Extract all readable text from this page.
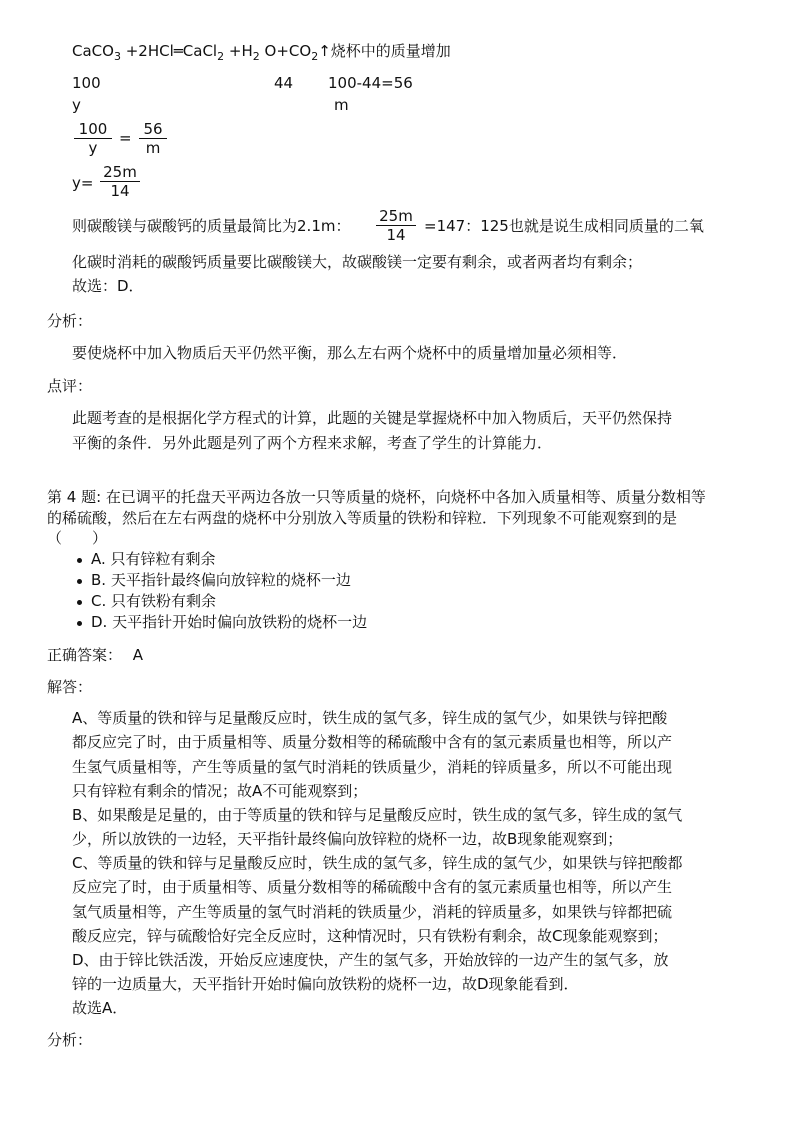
CaCO$_3$ +2HCl═CaCl$_2$ $+H_2$ $O+CO_2↑$烧杯中的质量增加
100	44 100-44=56
y	m
100
y
= 56
m
y=
25m
14
则碳酸镁与碳酸钙的质量最简比为2.1m：
25m
14	=147：125也就是说生成相同质量的二氧
化碳时消耗的碳酸钙质量要比碳酸镁大，故碳酸镁一定要有剩余，或者两者均有剩余；
故选：D．
分析：
要使烧杯中加入物质后天平仍然平衡，那么左右两个烧杯中的质量增加量必须相等．
点评：
此题考查的是根据化学方程式的计算，此题的关键是掌握烧杯中加入物质后，天平仍然保持
平衡的条件．另外此题是列了两个方程来求解，考查了学生的计算能力．
第 4 题: 在已调平的托盘天平两边各放一只等质量的烧杯，向烧杯中各加入质量相等、质量分数相等
的稀硫酸，然后在左右两盘的烧杯中分别放入等质量的铁粉和锌粒．下列现象不可能观察到的是
（　　）
A. 只有锌粒有剩余
B. 天平指针最终偏向放锌粒的烧杯一边
C. 只有铁粉有剩余
D. 天平指针开始时偏向放铁粉的烧杯一边
正确答案： A
解答：
A、等质量的铁和锌与足量酸反应时，铁生成的氢气多，锌生成的氢气少，如果铁与锌把酸
都反应完了时，由于质量相等、质量分数相等的稀硫酸中含有的氢元素质量也相等，所以产
生氢气质量相等，产生等质量的氢气时消耗的铁质量少，消耗的锌质量多，所以不可能出现
只有锌粒有剩余的情况；故A不可能观察到；
B、如果酸是足量的，由于等质量的铁和锌与足量酸反应时，铁生成的氢气多，锌生成的氢气
少，所以放铁的一边轻，天平指针最终偏向放锌粒的烧杯一边，故B现象能观察到；
C、等质量的铁和锌与足量酸反应时，铁生成的氢气多，锌生成的氢气少，如果铁与锌把酸都
反应完了时，由于质量相等、质量分数相等的稀硫酸中含有的氢元素质量也相等，所以产生
氢气质量相等，产生等质量的氢气时消耗的铁质量少，消耗的锌质量多，如果铁与锌都把硫
酸反应完，锌与硫酸恰好完全反应时，这种情况时，只有铁粉有剩余，故C现象能观察到；
D、由于锌比铁活泼，开始反应速度快，产生的氢气多，开始放锌的一边产生的氢气多，放
锌的一边质量大，天平指针开始时偏向放铁粉的烧杯一边，故D现象能看到．
故选A．
分析：
